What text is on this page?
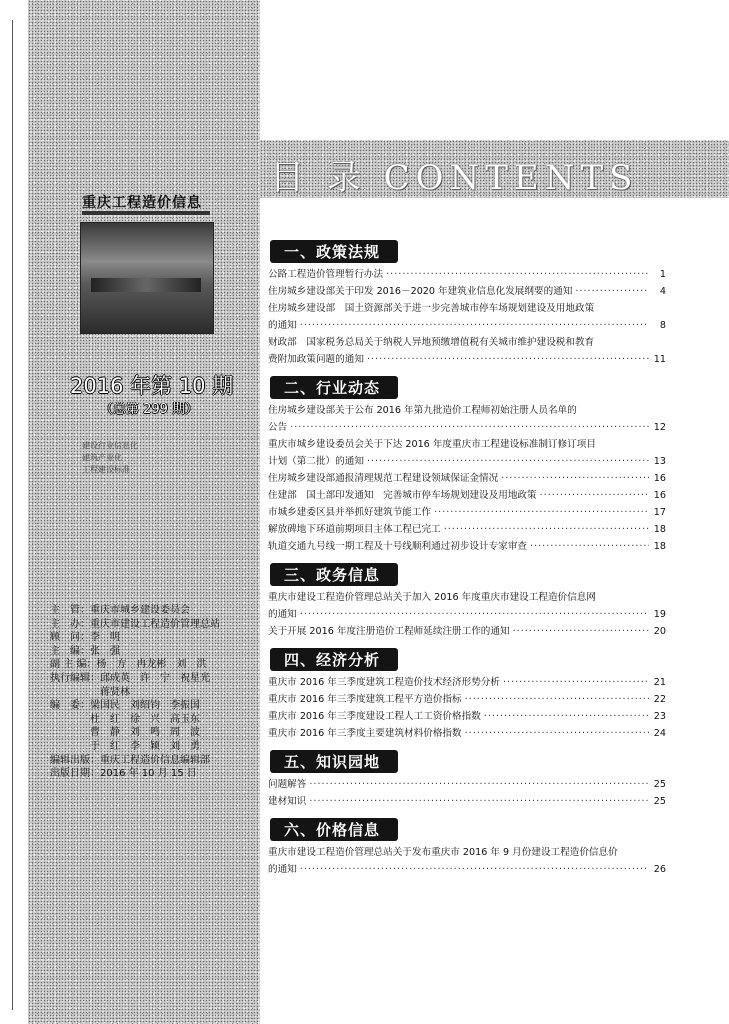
目 录 CONTENTS
重庆工程造价信息
2016 年第 10 期
（总第 299 期）
建设行业信息化
建筑产业化
工程建设标准
主　管：重庆市城乡建设委员会
主　办：重庆市建设工程造价管理总站
顾　问：李　明
主　编：张　强
副 主 编：杨　方　冉龙彬　刘　洪
执行编辑：邱成英　许　宁　祝星光
　　　　　蒋贤林
编　委：梁国民　刘绍钧　李振国
　　　　杜　红　徐　兴　高玉东
　　　　曹　静　刘　鸣　周　波
　　　　于　红　李　颖　刘　勇
编辑出版：重庆工程造价信息编辑部
出版日期：2016 年 10 月 15 日
一、政策法规
公路工程造价管理暂行办法 ·····	1
住房城乡建设部关于印发 2016－2020 年建筑业信息化发展纲要的通知 ·····	4
住房城乡建设部　国土资源部关于进一步完善城市停车场规划建设及用地政策
的通知 ·····	8
财政部　国家税务总局关于纳税人异地预缴增值税有关城市维护建设税和教育
费附加政策问题的通知 ·····	11
二、行业动态
住房城乡建设部关于公布 2016 年第九批造价工程师初始注册人员名单的
公告 ·····	12
重庆市城乡建设委员会关于下达 2016 年度重庆市工程建设标准制订修订项目
计划（第二批）的通知 ·····	13
住房城乡建设部通报清理规范工程建设领域保证金情况 ·····	16
住建部　国土部印发通知　完善城市停车场规划建设及用地政策 ·····	16
市城乡建委区县并举抓好建筑节能工作 ·····	17
解放碑地下环道前期项目主体工程已完工 ·····	18
轨道交通九号线一期工程及十号线顺利通过初步设计专家审查 ·····	18
三、政务信息
重庆市建设工程造价管理总站关于加入 2016 年度重庆市建设工程造价信息网
的通知 ·····	19
关于开展 2016 年度注册造价工程师延续注册工作的通知 ·····	20
四、经济分析
重庆市 2016 年三季度建筑工程造价技术经济形势分析 ·····	21
重庆市 2016 年三季度建筑工程平方造价指标 ·····	22
重庆市 2016 年三季度建设工程人工工资价格指数 ·····	23
重庆市 2016 年三季度主要建筑材料价格指数 ·····	24
五、知识园地
问题解答 ·····	25
建材知识 ·····	25
六、价格信息
重庆市建设工程造价管理总站关于发布重庆市 2016 年 9 月份建设工程造价信息价
的通知 ·····	26
